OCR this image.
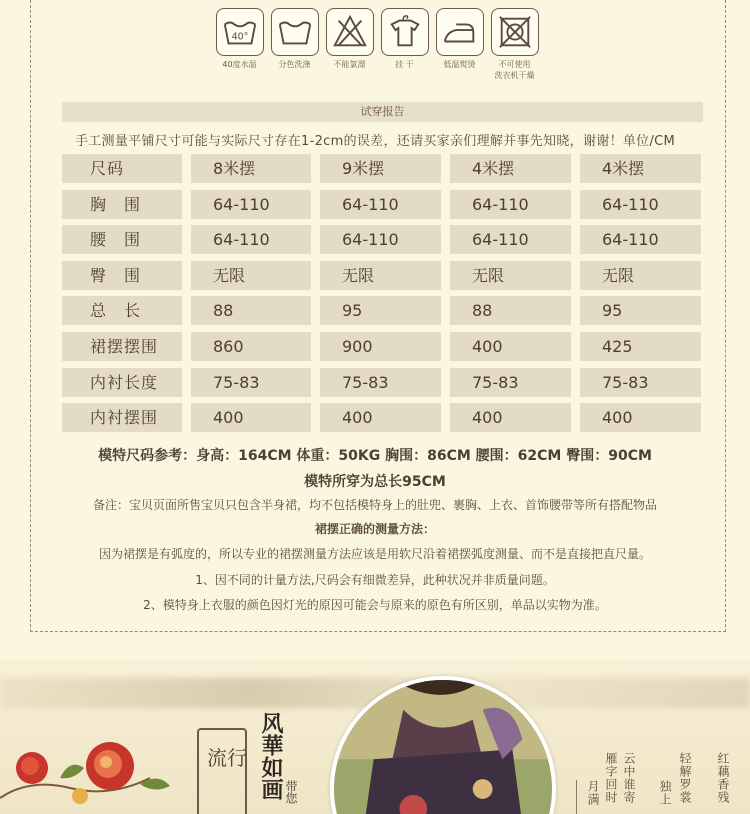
40°
40度水温	分色洗涤	不能氯漂	挂 干	低温熨烫	不可使用
洗衣机干燥
试穿报告
手工测量平铺尺寸可能与实际尺寸存在1-2cm的误差，还请买家亲们理解并事先知晓，谢谢！单位/CM
尺码	8米摆	9米摆	4米摆	4米摆
胸　围	64-110	64-110	64-110	64-110
腰　围	64-110	64-110	64-110	64-110
臀　围	无限	无限	无限	无限
总　长	88	95	88	95
裙摆摆围	860	900	400	425
内衬长度	75-83	75-83	75-83	75-83
内衬摆围	400	400	400	400
模特尺码参考：身高：164CM 体重：50KG 胸围：86CM 腰围：62CM 臀围：90CM
模特所穿为总长95CM
备注：宝贝页面所售宝贝只包含半身裙，均不包括模特身上的肚兜、裹胸、上衣、首饰腰带等所有搭配物品
裙摆正确的测量方法：
因为裙摆是有弧度的，所以专业的裙摆测量方法应该是用软尺沿着裙摆弧度测量、而不是直接把直尺量。
1、因不同的计量方法,尺码会有细微差异，此种状况并非质量问题。
2、模特身上衣服的颜色因灯光的原因可能会与原来的原色有所区别，单品以实物为准。
流行 风華如画 带您	红藕香残
轻解罗裳
独上
云中谁寄
雁字回时
月满
